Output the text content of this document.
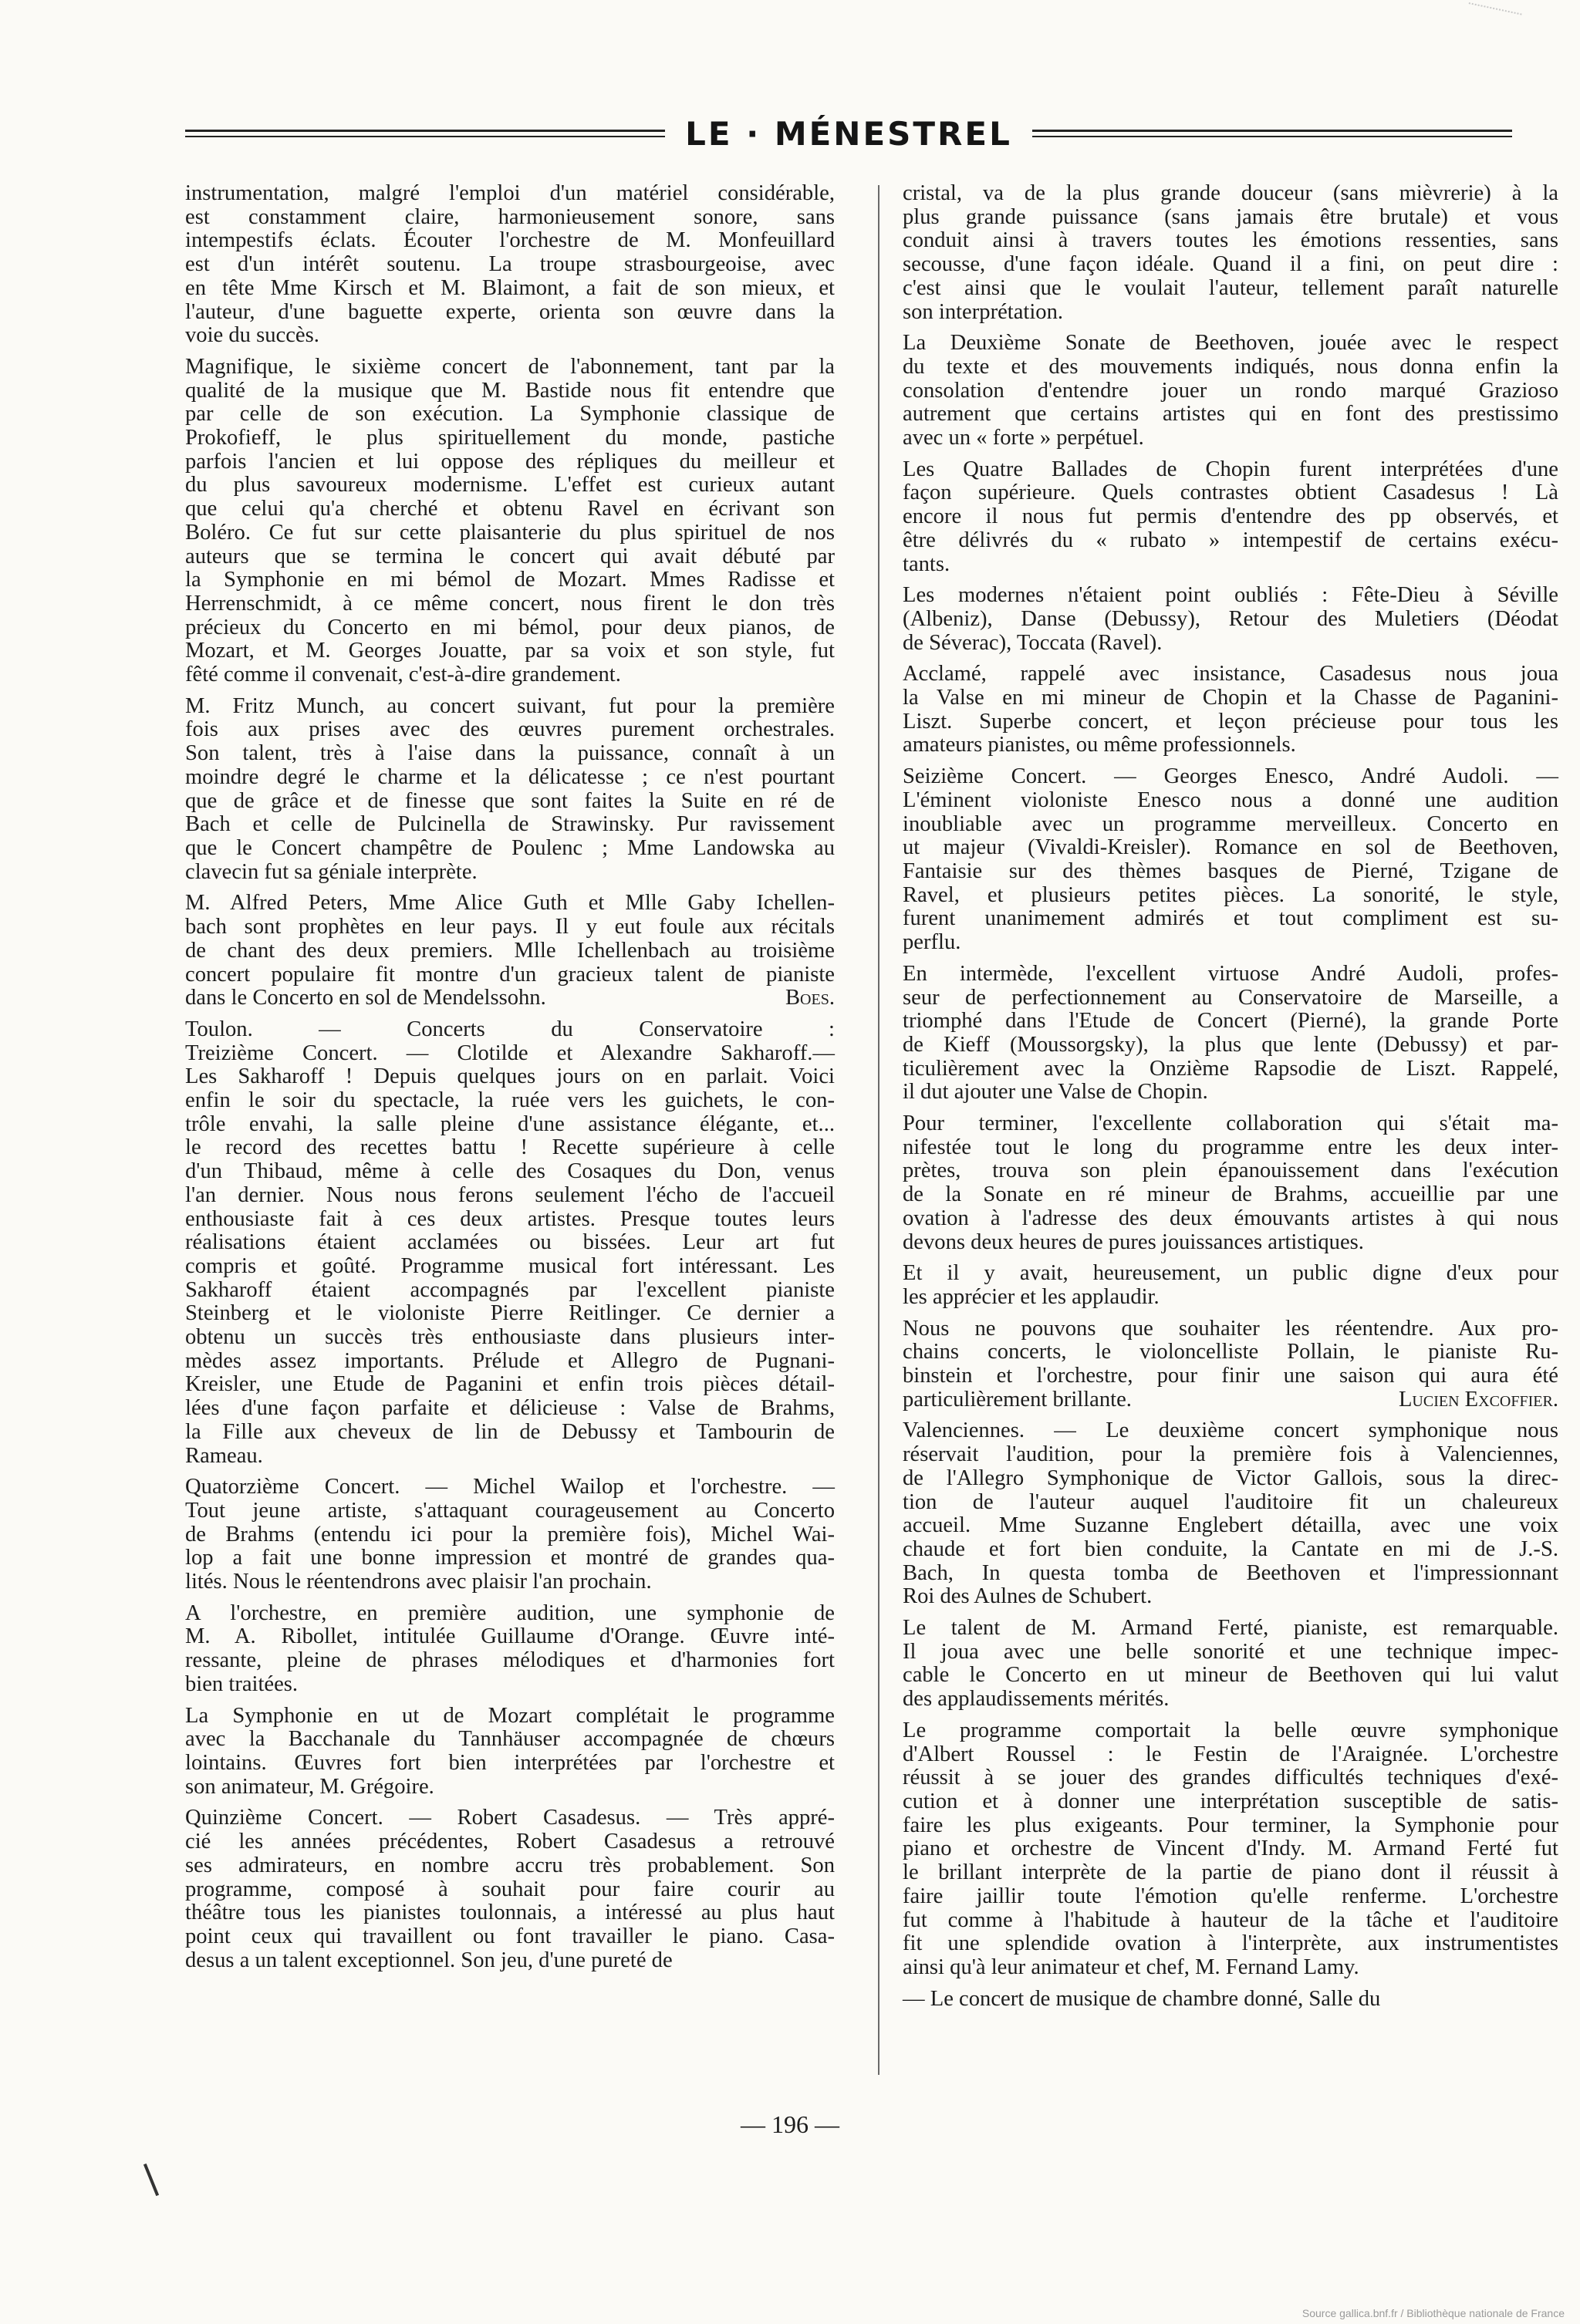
LE · MÉNESTREL

instrumentation, malgré l'emploi d'un matériel considérable,
est constamment claire, harmonieusement sonore, sans
intempestifs éclats. Écouter l'orchestre de M. Monfeuillard
est d'un intérêt soutenu. La troupe strasbourgeoise, avec
en tête Mme Kirsch et M. Blaimont, a fait de son mieux, et
l'auteur, d'une baguette experte, orienta son œuvre dans la
voie du succès.

Magnifique, le sixième concert de l'abonnement, tant par la
qualité de la musique que M. Bastide nous fit entendre que
par celle de son exécution. La Symphonie classique de
Prokofieff, le plus spirituellement du monde, pastiche
parfois l'ancien et lui oppose des répliques du meilleur et
du plus savoureux modernisme. L'effet est curieux autant
que celui qu'a cherché et obtenu Ravel en écrivant son
Boléro. Ce fut sur cette plaisanterie du plus spirituel de nos
auteurs que se termina le concert qui avait débuté par
la Symphonie en mi bémol de Mozart. Mmes Radisse et
Herrenschmidt, à ce même concert, nous firent le don très
précieux du Concerto en mi bémol, pour deux pianos, de
Mozart, et M. Georges Jouatte, par sa voix et son style, fut
fêté comme il convenait, c'est-à-dire grandement.

M. Fritz Munch, au concert suivant, fut pour la première
fois aux prises avec des œuvres purement orchestrales.
Son talent, très à l'aise dans la puissance, connaît à un
moindre degré le charme et la délicatesse ; ce n'est pourtant
que de grâce et de finesse que sont faites la Suite en ré de
Bach et celle de Pulcinella de Strawinsky. Pur ravissement
que le Concert champêtre de Poulenc ; Mme Landowska au
clavecin fut sa géniale interprète.

M. Alfred Peters, Mme Alice Guth et Mlle Gaby Ichellen-
bach sont prophètes en leur pays. Il y eut foule aux récitals
de chant des deux premiers. Mlle Ichellenbach au troisième
concert populaire fit montre d'un gracieux talent de pianiste
dans le Concerto en sol de Mendelssohn.	Boes.

Toulon. — Concerts du Conservatoire :
Treizième Concert. — Clotilde et Alexandre Sakharoff.—
Les Sakharoff ! Depuis quelques jours on en parlait. Voici
enfin le soir du spectacle, la ruée vers les guichets, le con-
trôle envahi, la salle pleine d'une assistance élégante, et...
le record des recettes battu ! Recette supérieure à celle
d'un Thibaud, même à celle des Cosaques du Don, venus
l'an dernier. Nous nous ferons seulement l'écho de l'accueil
enthousiaste fait à ces deux artistes. Presque toutes leurs
réalisations étaient acclamées ou bissées. Leur art fut
compris et goûté. Programme musical fort intéressant. Les
Sakharoff étaient accompagnés par l'excellent pianiste
Steinberg et le violoniste Pierre Reitlinger. Ce dernier a
obtenu un succès très enthousiaste dans plusieurs inter-
mèdes assez importants. Prélude et Allegro de Pugnani-
Kreisler, une Etude de Paganini et enfin trois pièces détail-
lées d'une façon parfaite et délicieuse : Valse de Brahms,
la Fille aux cheveux de lin de Debussy et Tambourin de
Rameau.

Quatorzième Concert. — Michel Wailop et l'orchestre. —
Tout jeune artiste, s'attaquant courageusement au Concerto
de Brahms (entendu ici pour la première fois), Michel Wai-
lop a fait une bonne impression et montré de grandes qua-
lités. Nous le réentendrons avec plaisir l'an prochain.

A l'orchestre, en première audition, une symphonie de
M. A. Ribollet, intitulée Guillaume d'Orange. Œuvre inté-
ressante, pleine de phrases mélodiques et d'harmonies fort
bien traitées.

La Symphonie en ut de Mozart complétait le programme
avec la Bacchanale du Tannhäuser accompagnée de chœurs
lointains. Œuvres fort bien interprétées par l'orchestre et
son animateur, M. Grégoire.

Quinzième Concert. — Robert Casadesus. — Très appré-
cié les années précédentes, Robert Casadesus a retrouvé
ses admirateurs, en nombre accru très probablement. Son
programme, composé à souhait pour faire courir au
théâtre tous les pianistes toulonnais, a intéressé au plus haut
point ceux qui travaillent ou font travailler le piano. Casa-
desus a un talent exceptionnel. Son jeu, d'une pureté de

cristal, va de la plus grande douceur (sans mièvrerie) à la
plus grande puissance (sans jamais être brutale) et vous
conduit ainsi à travers toutes les émotions ressenties, sans
secousse, d'une façon idéale. Quand il a fini, on peut dire :
c'est ainsi que le voulait l'auteur, tellement paraît naturelle
son interprétation.

La Deuxième Sonate de Beethoven, jouée avec le respect
du texte et des mouvements indiqués, nous donna enfin la
consolation d'entendre jouer un rondo marqué Grazioso
autrement que certains artistes qui en font des prestissimo
avec un « forte » perpétuel.

Les Quatre Ballades de Chopin furent interprétées d'une
façon supérieure. Quels contrastes obtient Casadesus ! Là
encore il nous fut permis d'entendre des pp observés, et
être délivrés du « rubato » intempestif de certains exécu-
tants.

Les modernes n'étaient point oubliés : Fête-Dieu à Séville
(Albeniz), Danse (Debussy), Retour des Muletiers (Déodat
de Séverac), Toccata (Ravel).

Acclamé, rappelé avec insistance, Casadesus nous joua
la Valse en mi mineur de Chopin et la Chasse de Paganini-
Liszt. Superbe concert, et leçon précieuse pour tous les
amateurs pianistes, ou même professionnels.

Seizième Concert. — Georges Enesco, André Audoli. —
L'éminent violoniste Enesco nous a donné une audition
inoubliable avec un programme merveilleux. Concerto en
ut majeur (Vivaldi-Kreisler). Romance en sol de Beethoven,
Fantaisie sur des thèmes basques de Pierné, Tzigane de
Ravel, et plusieurs petites pièces. La sonorité, le style,
furent unanimement admirés et tout compliment est su-
perflu.

En intermède, l'excellent virtuose André Audoli, profes-
seur de perfectionnement au Conservatoire de Marseille, a
triomphé dans l'Etude de Concert (Pierné), la grande Porte
de Kieff (Moussorgsky), la plus que lente (Debussy) et par-
ticulièrement avec la Onzième Rapsodie de Liszt. Rappelé,
il dut ajouter une Valse de Chopin.

Pour terminer, l'excellente collaboration qui s'était ma-
nifestée tout le long du programme entre les deux inter-
prètes, trouva son plein épanouissement dans l'exécution
de la Sonate en ré mineur de Brahms, accueillie par une
ovation à l'adresse des deux émouvants artistes à qui nous
devons deux heures de pures jouissances artistiques.

Et il y avait, heureusement, un public digne d'eux pour
les apprécier et les applaudir.

Nous ne pouvons que souhaiter les réentendre. Aux pro-
chains concerts, le violoncelliste Pollain, le pianiste Ru-
binstein et l'orchestre, pour finir une saison qui aura été
particulièrement brillante.	Lucien Excoffier.

Valenciennes. — Le deuxième concert symphonique nous
réservait l'audition, pour la première fois à Valenciennes,
de l'Allegro Symphonique de Victor Gallois, sous la direc-
tion de l'auteur auquel l'auditoire fit un chaleureux
accueil. Mme Suzanne Englebert détailla, avec une voix
chaude et fort bien conduite, la Cantate en mi de J.-S.
Bach, In questa tomba de Beethoven et l'impressionnant
Roi des Aulnes de Schubert.

Le talent de M. Armand Ferté, pianiste, est remarquable.
Il joua avec une belle sonorité et une technique impec-
cable le Concerto en ut mineur de Beethoven qui lui valut
des applaudissements mérités.

Le programme comportait la belle œuvre symphonique
d'Albert Roussel : le Festin de l'Araignée. L'orchestre
réussit à se jouer des grandes difficultés techniques d'exé-
cution et à donner une interprétation susceptible de satis-
faire les plus exigeants. Pour terminer, la Symphonie pour
piano et orchestre de Vincent d'Indy. M. Armand Ferté fut
le brillant interprète de la partie de piano dont il réussit à
faire jaillir toute l'émotion qu'elle renferme. L'orchestre
fut comme à l'habitude à hauteur de la tâche et l'auditoire
fit une splendide ovation à l'interprète, aux instrumentistes
ainsi qu'à leur animateur et chef, M. Fernand Lamy.

— Le concert de musique de chambre donné, Salle du

— 196 —
Source gallica.bnf.fr / Bibliothèque nationale de France
